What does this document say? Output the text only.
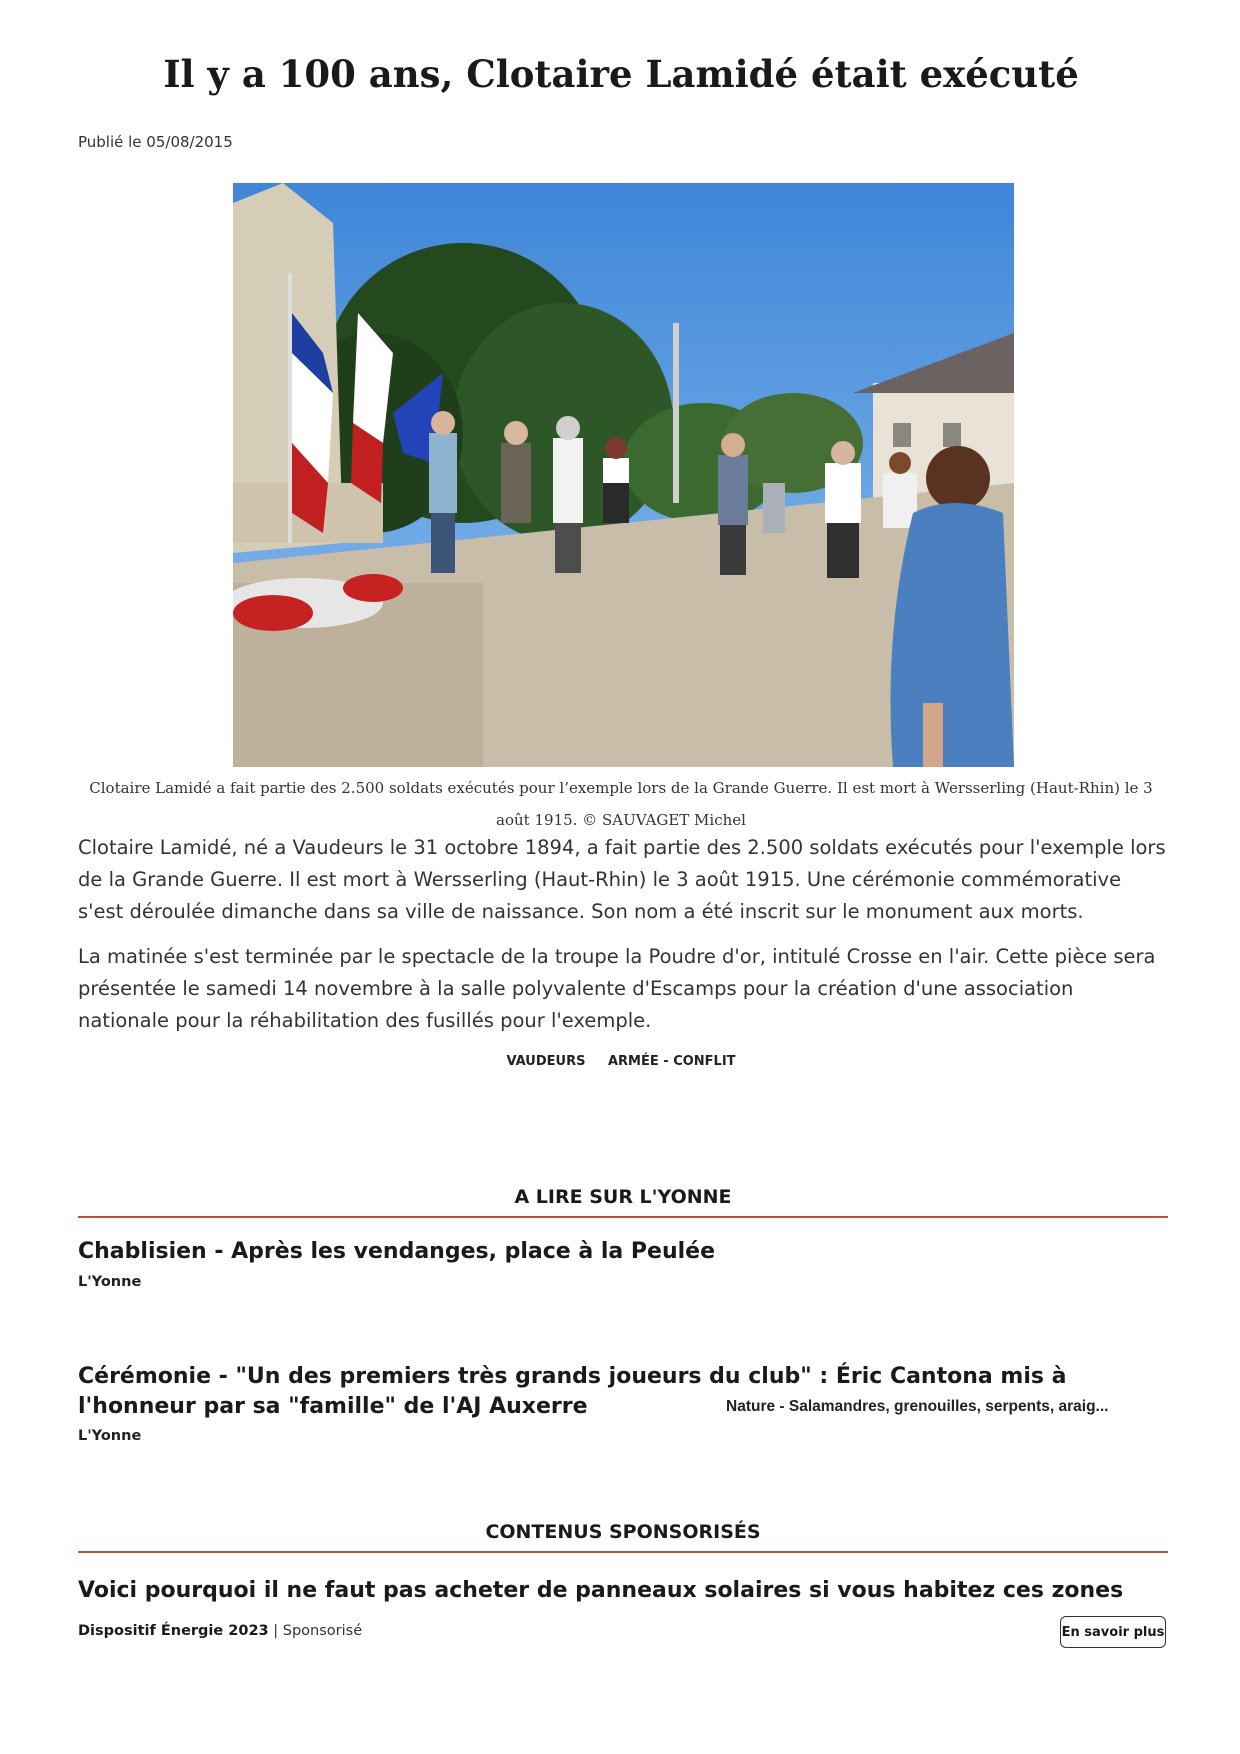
Il y a 100 ans, Clotaire Lamidé était exécuté
Publié le 05/08/2015
Clotaire Lamidé a fait partie des 2.500 soldats exécutés pour l’exemple lors de la Grande Guerre. Il est mort à Wersserling (Haut-Rhin) le 3 août 1915. © SAUVAGET Michel

Clotaire Lamidé, né a Vaudeurs le 31 octobre 1894, a fait partie des 2.500 soldats exécutés pour l'exemple lors de la Grande Guerre. Il est mort à Wersserling (Haut-Rhin) le 3 août 1915. Une cérémonie commémorative s'est déroulée dimanche dans sa ville de naissance. Son nom a été inscrit sur le monument aux morts.

La matinée s'est terminée par le spectacle de la troupe la Poudre d'or, intitulé Crosse en l'air. Cette pièce sera présentée le samedi 14 novembre à la salle polyvalente d'Escamps pour la création d'une association nationale pour la réhabilitation des fusillés pour l'exemple.

VAUDEURS ARMÉE - CONFLIT
A LIRE SUR L'YONNE
Chablisien - Après les vendanges, place à la Peulée
L'Yonne
Cérémonie - "Un des premiers très grands joueurs du club" : Éric Cantona mis à l'honneur par sa "famille" de l'AJ Auxerre	Nature - Salamandres, grenouilles, serpents, araig...
L'Yonne
CONTENUS SPONSORISÉS
Voici pourquoi il ne faut pas acheter de panneaux solaires si vous habitez ces zones
Dispositif Énergie 2023 | Sponsorisé	En savoir plus
